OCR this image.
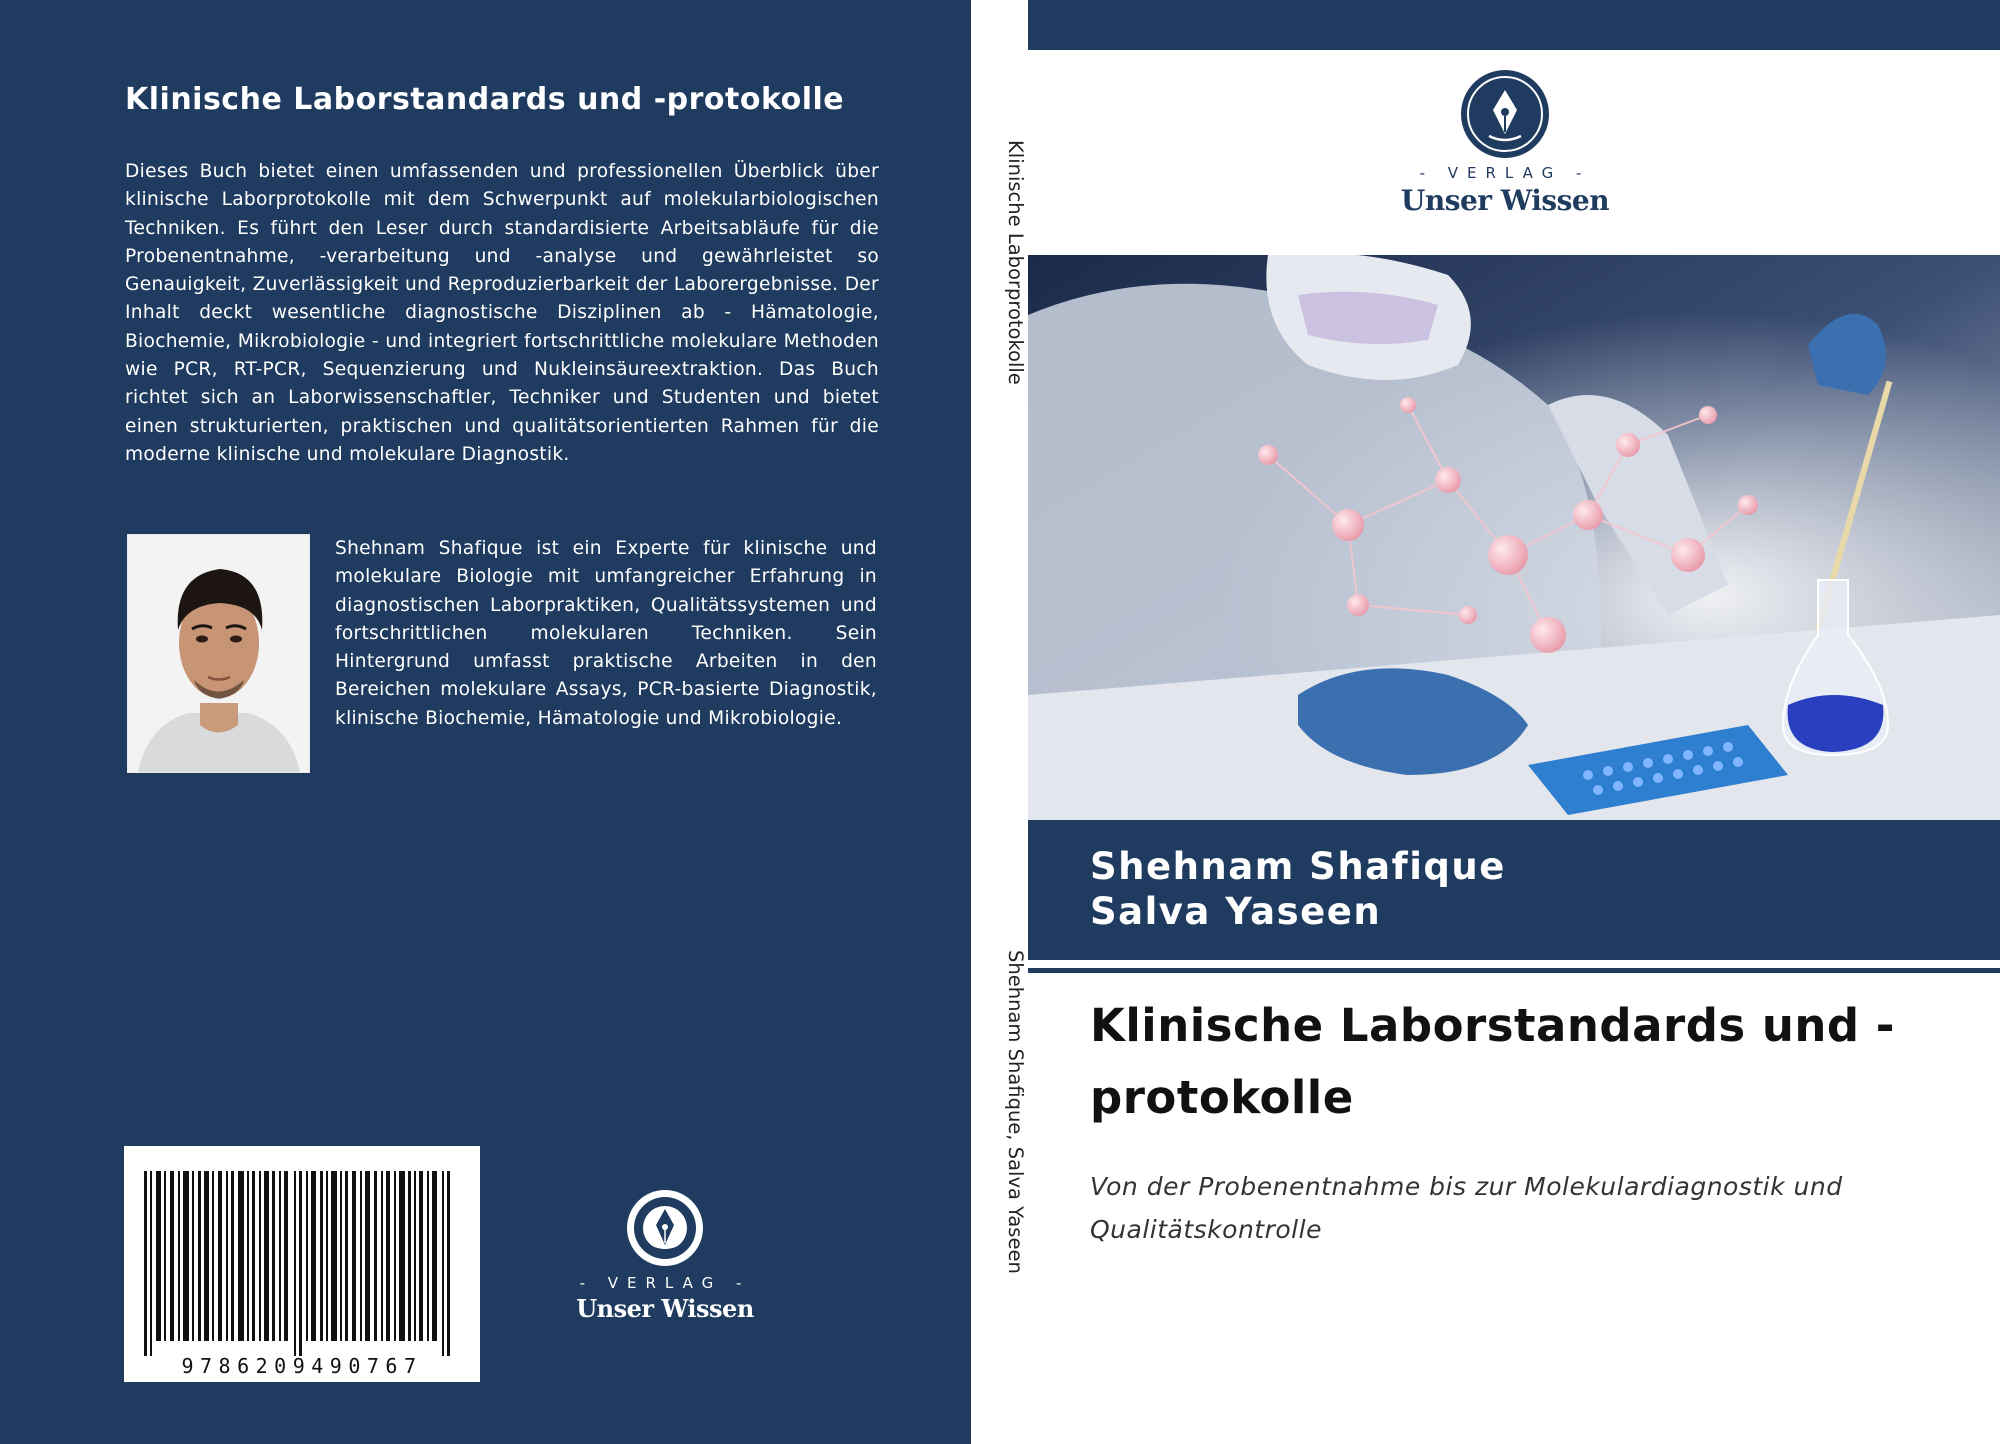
Klinische Laborstandards und -protokolle

Dieses Buch bietet einen umfassenden und professionellen Überblick über klinische Laborprotokolle mit dem Schwerpunkt auf molekularbiologischen Techniken. Es führt den Leser durch standardisierte Arbeitsabläufe für die Probenentnahme, -verarbeitung und -analyse und gewährleistet so Genauigkeit, Zuverlässigkeit und Reproduzierbarkeit der Laborergebnisse. Der Inhalt deckt wesentliche diagnostische Disziplinen ab - Hämatologie, Biochemie, Mikrobiologie - und integriert fortschrittliche molekulare Methoden wie PCR, RT-PCR, Sequenzierung und Nukleinsäureextraktion. Das Buch richtet sich an Laborwissenschaftler, Techniker und Studenten und bietet einen strukturierten, praktischen und qualitätsorientierten Rahmen für die moderne klinische und molekulare Diagnostik.

Shehnam Shafique ist ein Experte für klinische und molekulare Biologie mit umfangreicher Erfahrung in diagnostischen Laborpraktiken, Qualitätssystemen und fortschrittlichen molekularen Techniken. Sein Hintergrund umfasst praktische Arbeiten in den Bereichen molekulare Assays, PCR-basierte Diagnostik, klinische Biochemie, Hämatologie und Mikrobiologie.

9786209490767
- VERLAG -
Unser Wissen
Klinische Laborprotokolle
Shehnam Shafique, Salva Yaseen
- VERLAG -
Unser Wissen

Shehnam Shafique

Salva Yaseen

Klinische Laborstandards und -protokolle

Von der Probenentnahme bis zur Molekulardiagnostik und Qualitätskontrolle
